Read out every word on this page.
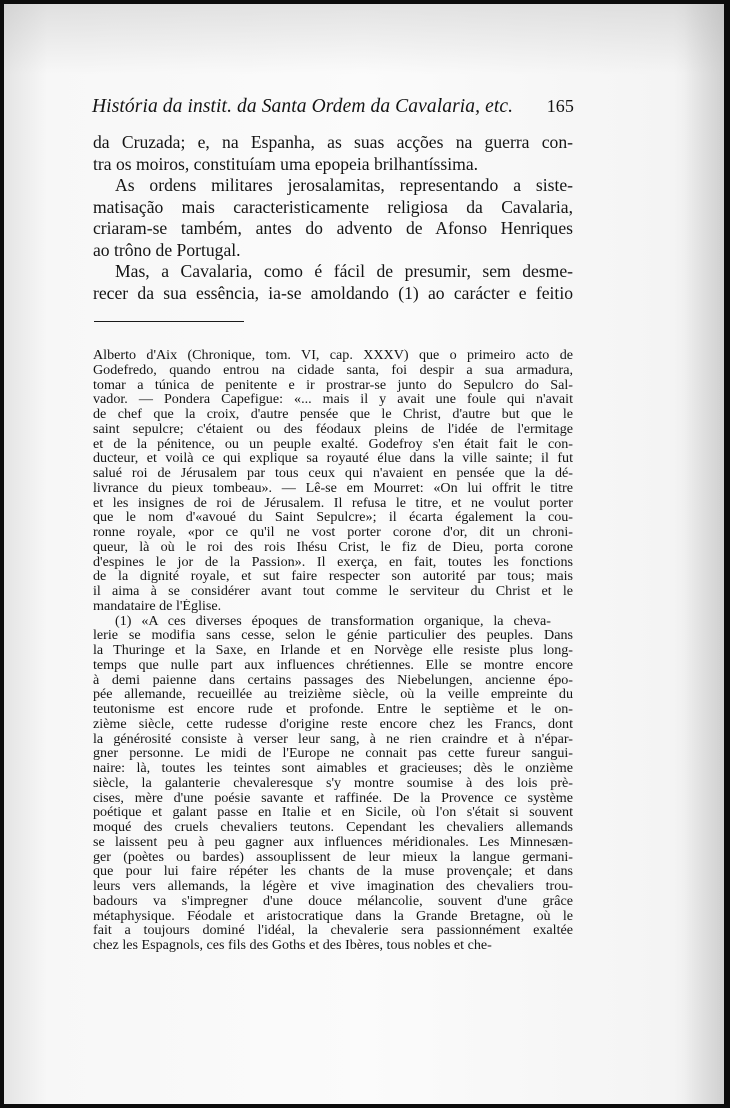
História da instit. da Santa Ordem da Cavalaria, etc. 165

da Cruzada; e, na Espanha, as suas acções na guerra con-

tra os moiros, constituíam uma epopeia brilhantíssima.

As ordens militares jerosalamitas, representando a siste-

matisação mais caracteristicamente religiosa da Cavalaria,

criaram-se também, antes do advento de Afonso Henriques

ao trôno de Portugal.

Mas, a Cavalaria, como é fácil de presumir, sem desme-

recer da sua essência, ia-se amoldando (1) ao carácter e feitio

Alberto d'Aix (Chronique, tom. VI, cap. XXXV) que o primeiro acto de
Godefredo, quando entrou na cidade santa, foi despir a sua armadura,
tomar a túnica de penitente e ir prostrar-se junto do Sepulcro do Sal-
vador. — Pondera Capefigue: «... mais il y avait une foule qui n'avait
de chef que la croix, d'autre pensée que le Christ, d'autre but que le
saint sepulcre; c'étaient ou des féodaux pleins de l'idée de l'ermitage
et de la pénitence, ou un peuple exalté. Godefroy s'en était fait le con-
ducteur, et voilà ce qui explique sa royauté élue dans la ville sainte; il fut
salué roi de Jérusalem par tous ceux qui n'avaient en pensée que la dé-
livrance du pieux tombeau». — Lê-se em Mourret: «On lui offrit le titre
et les insignes de roi de Jérusalem. Il refusa le titre, et ne voulut porter
que le nom d'«avoué du Saint Sepulcre»; il écarta également la cou-
ronne royale, «por ce qu'il ne vost porter corone d'or, dit un chroni-
queur, là où le roi des rois Ihésu Crist, le fiz de Dieu, porta corone
d'espines le jor de la Passion». Il exerça, en fait, toutes les fonctions
de la dignité royale, et sut faire respecter son autorité par tous; mais
il aima à se considérer avant tout comme le serviteur du Christ et le
mandataire de l'Église.
(1) «A ces diverses époques de transformation organique, la cheva-
lerie se modifia sans cesse, selon le génie particulier des peuples. Dans
la Thuringe et la Saxe, en Irlande et en Norvège elle resiste plus long-
temps que nulle part aux influences chrétiennes. Elle se montre encore
à demi paienne dans certains passages des Niebelungen, ancienne épo-
pée allemande, recueillée au treizième siècle, où la veille empreinte du
teutonisme est encore rude et profonde. Entre le septième et le on-
zième siècle, cette rudesse d'origine reste encore chez les Francs, dont
la générosité consiste à verser leur sang, à ne rien craindre et à n'épar-
gner personne. Le midi de l'Europe ne connait pas cette fureur sangui-
naire: là, toutes les teintes sont aimables et gracieuses; dès le onzième
siècle, la galanterie chevaleresque s'y montre soumise à des lois prè-
cises, mère d'une poésie savante et raffinée. De la Provence ce système
poétique et galant passe en Italie et en Sicile, où l'on s'était si souvent
moqué des cruels chevaliers teutons. Cependant les chevaliers allemands
se laissent peu à peu gagner aux influences méridionales. Les Minnesæn-
ger (poètes ou bardes) assouplissent de leur mieux la langue germani-
que pour lui faire répéter les chants de la muse provençale; et dans
leurs vers allemands, la légère et vive imagination des chevaliers trou-
badours va s'impregner d'une douce mélancolie, souvent d'une grâce
métaphysique. Féodale et aristocratique dans la Grande Bretagne, où le
fait a toujours dominé l'idéal, la chevalerie sera passionnément exaltée
chez les Espagnols, ces fils des Goths et des Ibères, tous nobles et che-
